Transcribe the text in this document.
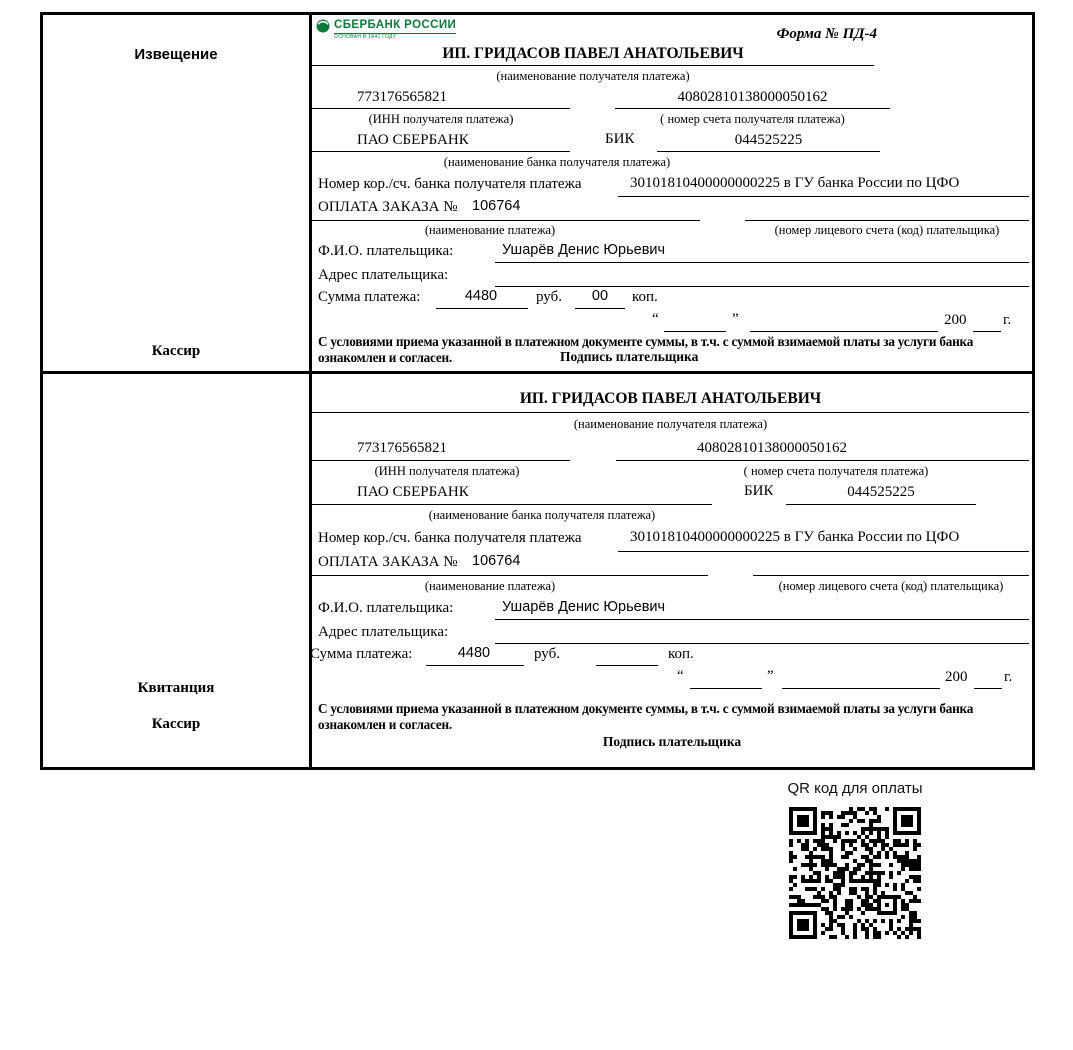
Извещение
Кассир
СБЕРБАНК РОССИИ
ОСНОВАН В 1841 ГОДУ	Форма № ПД-4
ИП. ГРИДАСОВ ПАВЕЛ АНАТОЛЬЕВИЧ
(наименование получателя платежа)
773176565821	40802810138000050162
(ИНН получателя платежа)	( номер счета получателя платежа)
ПАО СБЕРБАНК	БИК	044525225
(наименование банка получателя платежа)
Номер кор./сч. банка получателя платежа	30101810400000000225 в ГУ банка России по ЦФО
ОПЛАТА ЗАКАЗА № 106764
(наименование платежа)	(номер лицевого счета (код) плательщика)
Ф.И.О. плательщика:	Ушарёв Денис Юрьевич
Адрес плательщика:
Сумма платежа:	4480	руб.	00	коп.
“	”	200 г.
С условиями приема указанной в платежном документе суммы, в т.ч. с суммой взимаемой платы за услуги банка
ознакомлен и согласен.	Подпись плательщика
Квитанция
Кассир
ИП. ГРИДАСОВ ПАВЕЛ АНАТОЛЬЕВИЧ
(наименование получателя платежа)
773176565821	40802810138000050162
(ИНН получателя платежа)	( номер счета получателя платежа)
ПАО СБЕРБАНК	БИК	044525225
(наименование банка получателя платежа)
Номер кор./сч. банка получателя платежа	30101810400000000225 в ГУ банка России по ЦФО
ОПЛАТА ЗАКАЗА № 106764
(наименование платежа)	(номер лицевого счета (код) плательщика)
Ф.И.О. плательщика:	Ушарёв Денис Юрьевич
Адрес плательщика:
Сумма платежа:	4480	руб.	коп.
“	”	200 г.
С условиями приема указанной в платежном документе суммы, в т.ч. с суммой взимаемой платы за услуги банка
ознакомлен и согласен.
Подпись плательщика
QR код для оплаты
